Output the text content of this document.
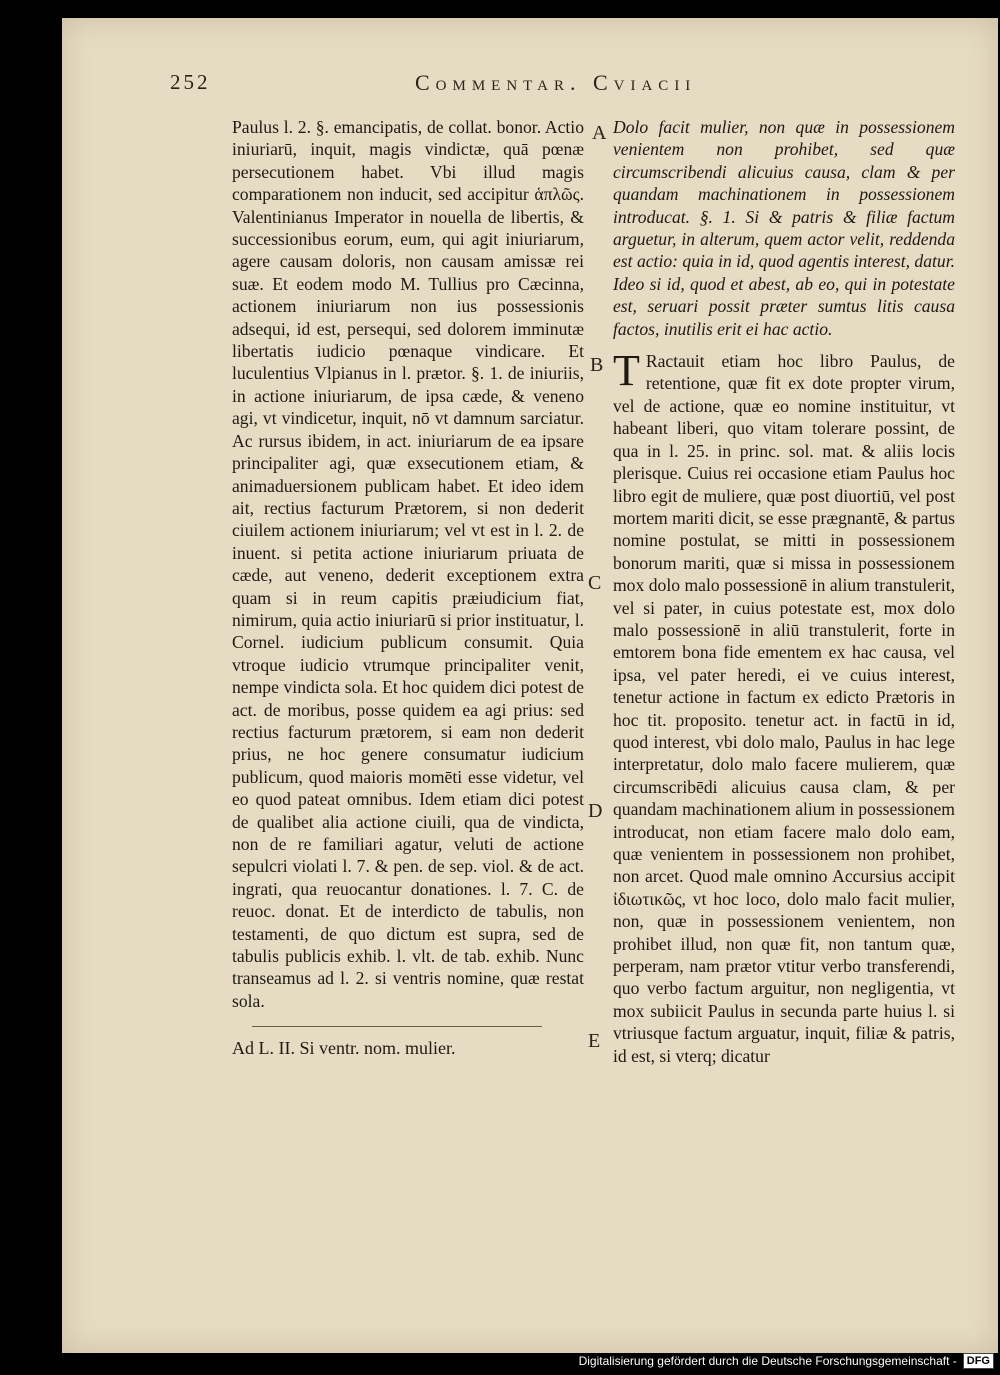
252	Commentar. Cviacii
A
B
C
D
E

Paulus l. 2. §. emancipatis, de collat. bonor. Actio iniuriarū, inquit, magis vindictæ, quā pœnæ persecutionem habet. Vbi illud magis comparationem non inducit, sed accipitur ἁπλῶς. Valentinianus Imperator in nouella de libertis, & successionibus eorum, eum, qui agit iniuriarum, agere causam doloris, non causam amissæ rei suæ. Et eodem modo M. Tullius pro Cæcinna, actionem iniuriarum non ius possessionis adsequi, id est, persequi, sed dolorem imminutæ libertatis iudicio pœnaque vindicare. Et luculentius Vlpianus in l. prætor. §. 1. de iniuriis, in actione iniuriarum, de ipsa cæde, & veneno agi, vt vindicetur, inquit, nō vt damnum sarciatur. Ac rursus ibidem, in act. iniuriarum de ea ipsare principaliter agi, quæ exsecutionem etiam, & animaduersionem publicam habet. Et ideo idem ait, rectius facturum Prætorem, si non dederit ciuilem actionem iniuriarum; vel vt est in l. 2. de inuent. si petita actione iniuriarum priuata de cæde, aut veneno, dederit exceptionem extra quam si in reum capitis præiudicium fiat, nimirum, quia actio iniuriarū si prior instituatur, l. Cornel. iudicium publicum consumit. Quia vtroque iudicio vtrumque principaliter venit, nempe vindicta sola. Et hoc quidem dici potest de act. de moribus, posse quidem ea agi prius: sed rectius facturum prætorem, si eam non dederit prius, ne hoc genere consumatur iudicium publicum, quod maioris momēti esse videtur, vel eo quod pateat omnibus. Idem etiam dici potest de qualibet alia actione ciuili, qua de vindicta, non de re familiari agatur, veluti de actione sepulcri violati l. 7. & pen. de sep. viol. & de act. ingrati, qua reuocantur donationes. l. 7. C. de reuoc. donat. Et de interdicto de tabulis, non testamenti, de quo dictum est supra, sed de tabulis publicis exhib. l. vlt. de tab. exhib. Nunc transeamus ad l. 2. si ventris nomine, quæ restat sola.

Ad L. II. Si ventr. nom. mulier.

Dolo facit mulier, non quæ in possessionem venientem non prohibet, sed quæ circumscribendi alicuius causa, clam & per quandam machinationem in possessionem introducat. §. 1. Si & patris & filiæ factum arguetur, in alterum, quem actor velit, reddenda est actio: quia in id, quod agentis interest, datur. Ideo si id, quod et abest, ab eo, qui in potestate est, seruari possit præter sumtus litis causa factos, inutilis erit ei hac actio.

T Ractauit etiam hoc libro Paulus, de retentione, quæ fit ex dote propter virum, vel de actione, quæ eo nomine instituitur, vt habeant liberi, quo vitam tolerare possint, de qua in l. 25. in princ. sol. mat. & aliis locis plerisque. Cuius rei occasione etiam Paulus hoc libro egit de muliere, quæ post diuortiū, vel post mortem mariti dicit, se esse prægnantē, & partus nomine postulat, se mitti in possessionem bonorum mariti, quæ si missa in possessionem mox dolo malo possessionē in alium transtulerit, vel si pater, in cuius potestate est, mox dolo malo possessionē in aliū transtulerit, forte in emtorem bona fide ementem ex hac causa, vel ipsa, vel pater heredi, ei ve cuius interest, tenetur actione in factum ex edicto Prætoris in hoc tit. proposito. tenetur act. in factū in id, quod interest, vbi dolo malo, Paulus in hac lege interpretatur, dolo malo facere mulierem, quæ circumscribēdi alicuius causa clam, & per quandam machinationem alium in possessionem introducat, non etiam facere malo dolo eam, quæ venientem in possessionem non prohibet, non arcet. Quod male omnino Accursius accipit ἰδιωτικῶς, vt hoc loco, dolo malo facit mulier, non, quæ in possessionem venientem, non prohibet illud, non quæ fit, non tantum quæ, perperam, nam prætor vtitur verbo transferendi, quo verbo factum arguitur, non negligentia, vt mox subiicit Paulus in secunda parte huius l. si vtriusque factum arguatur, inquit, filiæ & patris, id est, si vterq; dicatur

Digitalisierung gefördert durch die Deutsche Forschungsgemeinschaft - DFG
